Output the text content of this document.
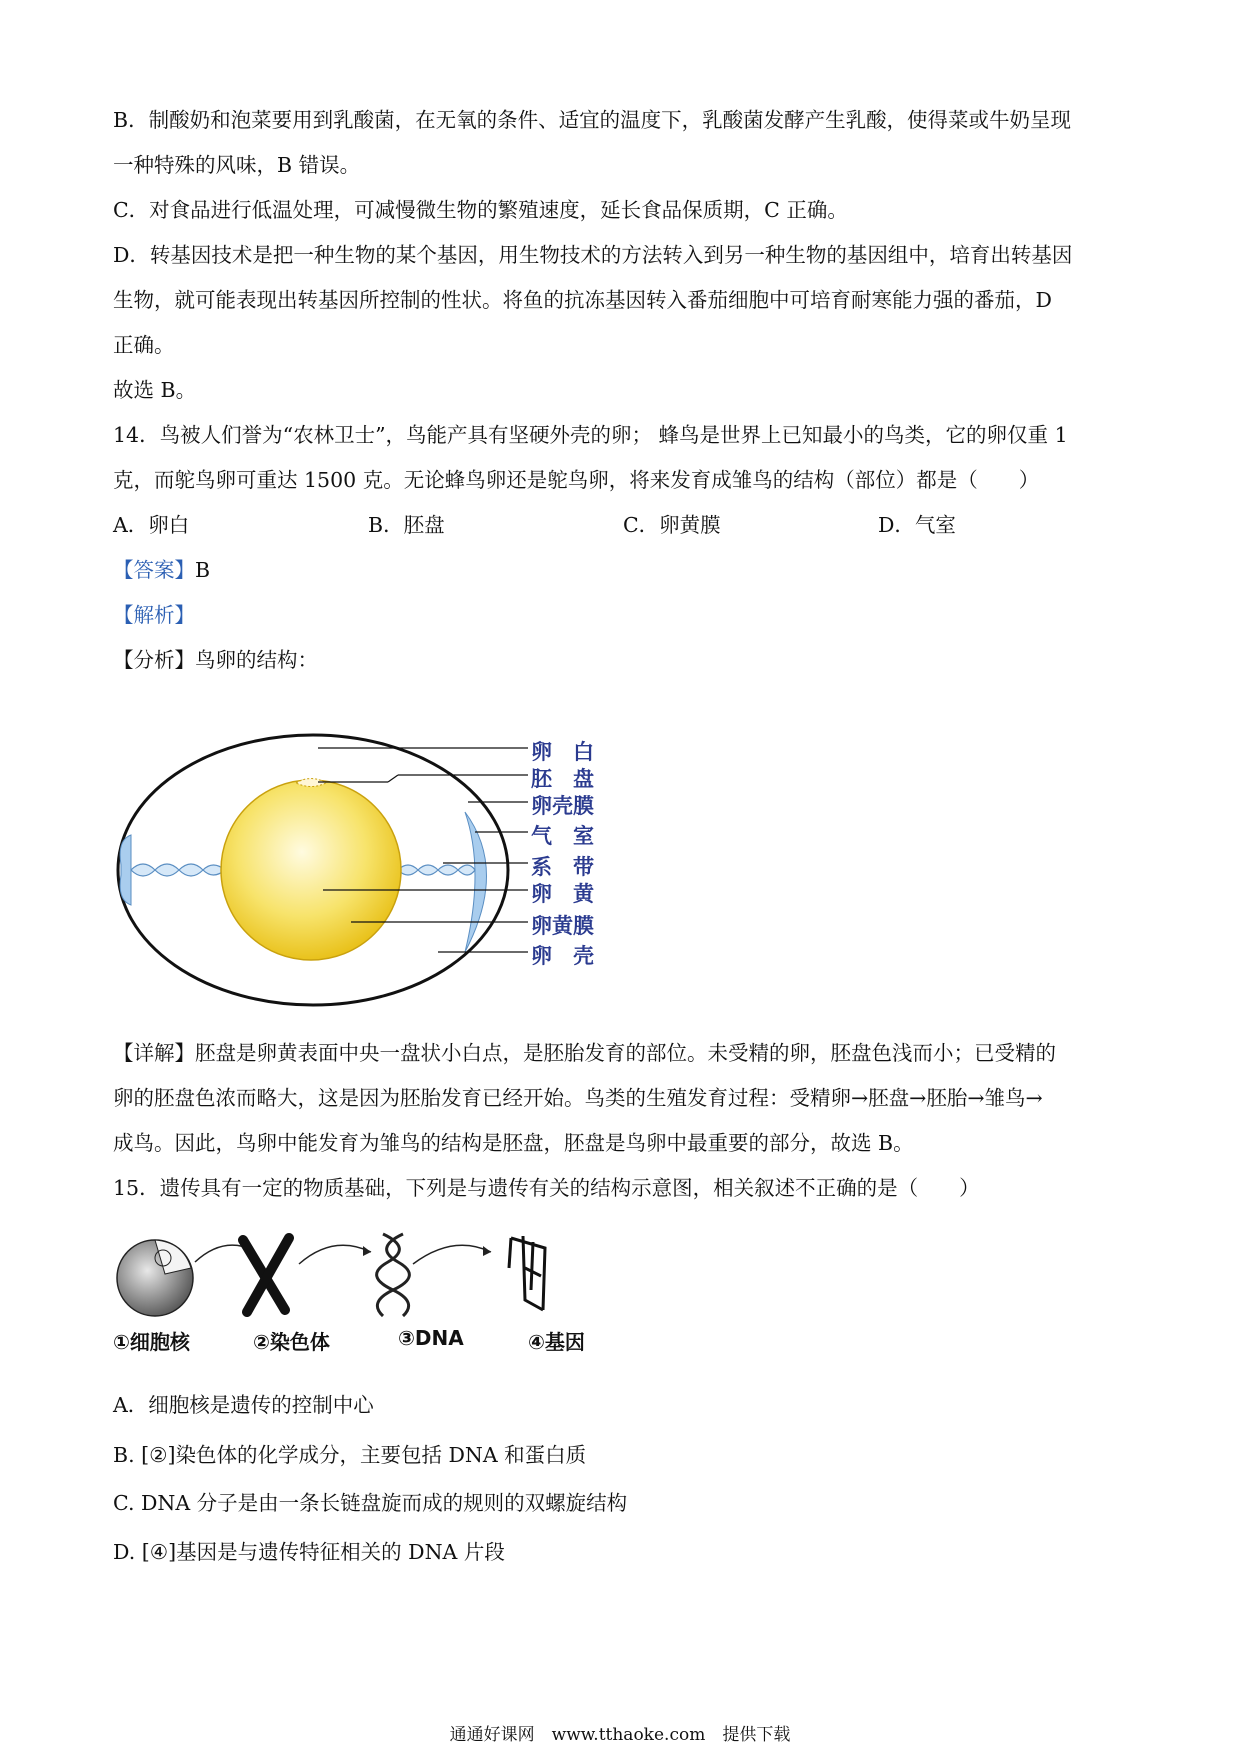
B．制酸奶和泡菜要用到乳酸菌，在无氧的条件、适宜的温度下，乳酸菌发酵产生乳酸，使得菜或牛奶呈现
一种特殊的风味，B 错误。
C．对食品进行低温处理，可减慢微生物的繁殖速度，延长食品保质期，C 正确。
D．转基因技术是把一种生物的某个基因，用生物技术的方法转入到另一种生物的基因组中，培育出转基因
生物，就可能表现出转基因所控制的性状。将鱼的抗冻基因转入番茄细胞中可培育耐寒能力强的番茄，D
正确。
故选 B。
14．鸟被人们誉为“农林卫士”，鸟能产具有坚硬外壳的卵； 蜂鸟是世界上已知最小的鸟类，它的卵仅重 1
克，而鸵鸟卵可重达 1500 克。无论蜂鸟卵还是鸵鸟卵，将来发育成雏鸟的结构（部位）都是（　　）
A．卵白	B．胚盘	C．卵黄膜	D．气室
【答案】B
【解析】
【分析】鸟卵的结构：
卵　白
胚　盘
卵壳膜
气　室
系　带
卵　黄
卵黄膜
卵　壳
【详解】胚盘是卵黄表面中央一盘状小白点，是胚胎发育的部位。未受精的卵，胚盘色浅而小；已受精的
卵的胚盘色浓而略大，这是因为胚胎发育已经开始。鸟类的生殖发育过程：受精卵→胚盘→胚胎→雏鸟→
成鸟。因此，鸟卵中能发育为雏鸟的结构是胚盘，胚盘是鸟卵中最重要的部分，故选 B。
15．遗传具有一定的物质基础，下列是与遗传有关的结构示意图，相关叙述不正确的是（　　）
①细胞核	②染色体	③DNA	④基因
A．细胞核是遗传的控制中心
B. [②]染色体的化学成分，主要包括 DNA 和蛋白质
C. DNA 分子是由一条长链盘旋而成的规则的双螺旋结构
D. [④]基因是与遗传特征相关的 DNA 片段
通通好课网　www.tthaoke.com　提供下载
